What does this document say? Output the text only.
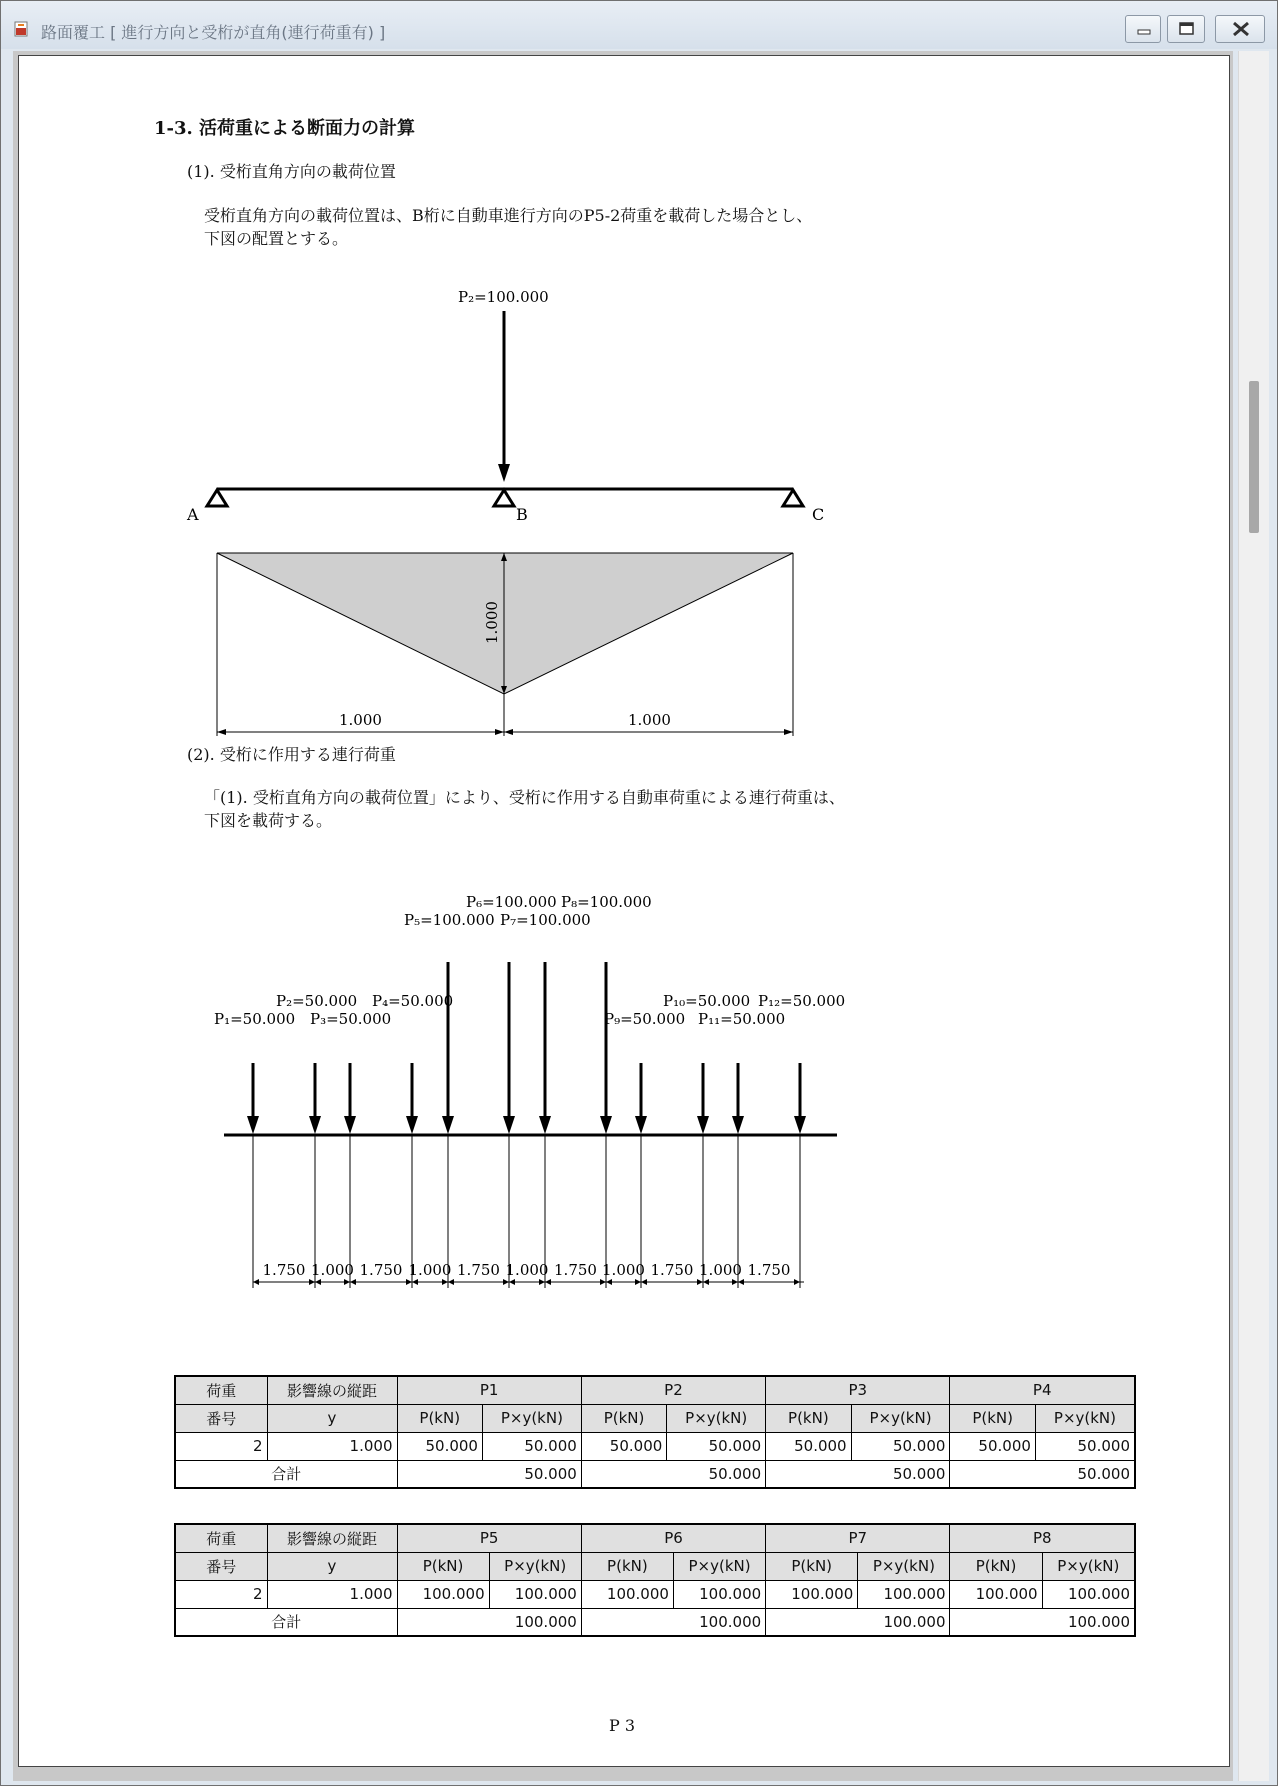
路面覆工 [ 進行方向と受桁が直角(連行荷重有) ]
1-3. 活荷重による断面力の計算
(1). 受桁直角方向の載荷位置
受桁直角方向の載荷位置は、B桁に自動車進行方向のP5-2荷重を載荷した場合とし、
下図の配置とする。
P₂=100.000
A	B	C
1.000
1.000	1.000
(2). 受桁に作用する連行荷重
「(1). 受桁直角方向の載荷位置」により、受桁に作用する自動車荷重による連行荷重は、
下図を載荷する。
P₁=50.000
P₂=50.000
P₃=50.000
P₄=50.000
P₅=100.000
P₆=100.000
P₇=100.000
P₈=100.000
P₉=50.000
P₁₀=50.000
P₁₁=50.000
P₁₂=50.000
1.750 1.000 1.750 1.000 1.750 1.000 1.750 1.000 1.750 1.000 1.750
荷重	影響線の縦距	P1		P2		P3		P4	
番号	y	P(kN)	P×y(kN)	P(kN)	P×y(kN)	P(kN)	P×y(kN)	P(kN)	P×y(kN)
2	1.000	50.000	50.000	50.000	50.000	50.000	50.000	50.000	50.000
合計		50.000		50.000		50.000		50.000	
荷重	影響線の縦距	P5		P6		P7		P8	
番号	y	P(kN)	P×y(kN)	P(kN)	P×y(kN)	P(kN)	P×y(kN)	P(kN)	P×y(kN)
2	1.000	100.000	100.000	100.000	100.000	100.000	100.000	100.000	100.000
合計		100.000		100.000		100.000		100.000	
P 3
